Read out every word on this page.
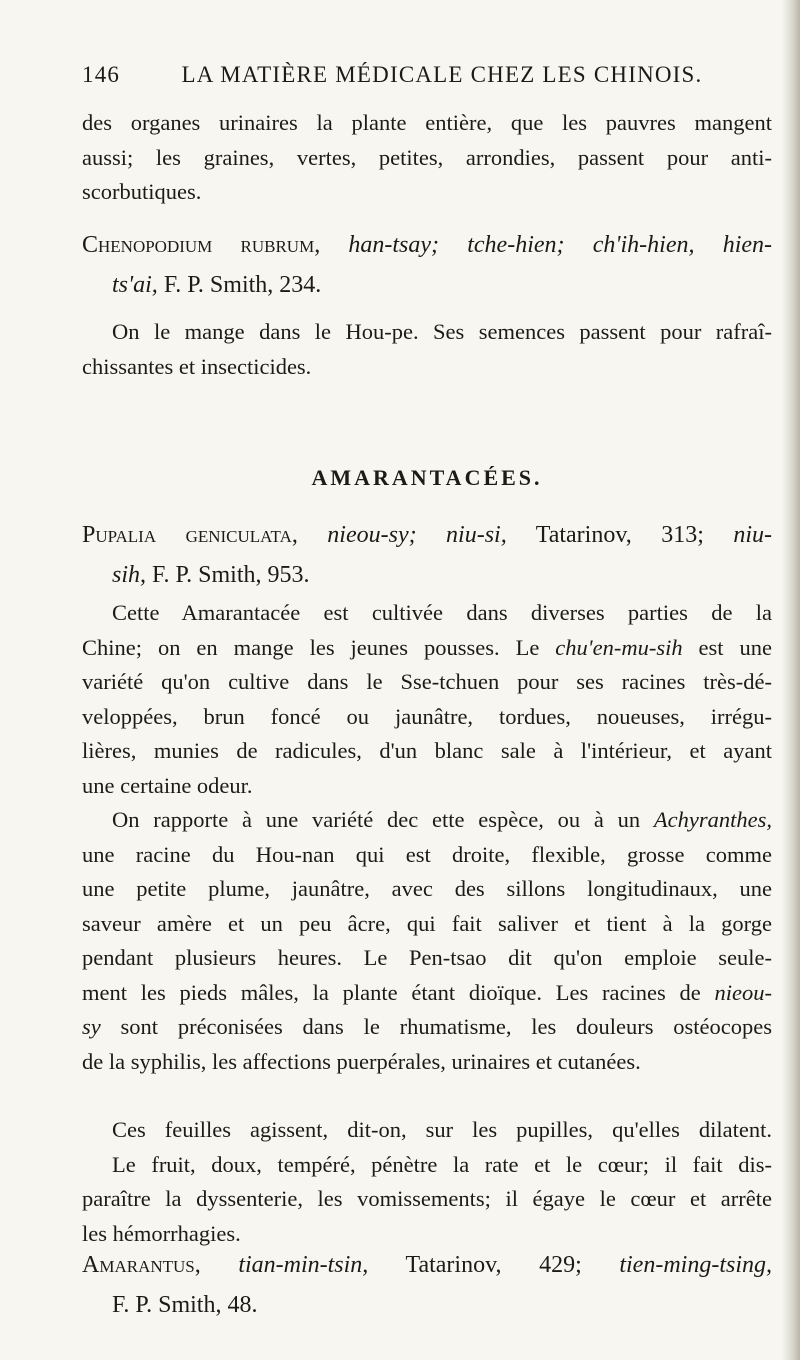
146	LA MATIÈRE MÉDICALE CHEZ LES CHINOIS.
des organes urinaires la plante entière, que les pauvres mangent
aussi; les graines, vertes, petites, arrondies, passent pour anti-
scorbutiques.
Chenopodium rubrum, han-tsay; tche-hien; ch'ih-hien, hien-
ts'ai, F. P. Smith, 234.
On le mange dans le Hou-pe. Ses semences passent pour rafraî-
chissantes et insecticides.
AMARANTACÉES.
Pupalia geniculata, nieou-sy; niu-si, Tatarinov, 313; niu-
sih, F. P. Smith, 953.
Cette Amarantacée est cultivée dans diverses parties de la
Chine; on en mange les jeunes pousses. Le chu'en-mu-sih est une
variété qu'on cultive dans le Sse-tchuen pour ses racines très-dé-
veloppées, brun foncé ou jaunâtre, tordues, noueuses, irrégu-
lières, munies de radicules, d'un blanc sale à l'intérieur, et ayant
une certaine odeur.
On rapporte à une variété dec ette espèce, ou à un Achyranthes,
une racine du Hou-nan qui est droite, flexible, grosse comme
une petite plume, jaunâtre, avec des sillons longitudinaux, une
saveur amère et un peu âcre, qui fait saliver et tient à la gorge
pendant plusieurs heures. Le Pen-tsao dit qu'on emploie seule-
ment les pieds mâles, la plante étant dioïque. Les racines de nieou-
sy sont préconisées dans le rhumatisme, les douleurs ostéocopes
de la syphilis, les affections puerpérales, urinaires et cutanées.
Ces feuilles agissent, dit-on, sur les pupilles, qu'elles dilatent.
Le fruit, doux, tempéré, pénètre la rate et le cœur; il fait dis-
paraître la dyssenterie, les vomissements; il égaye le cœur et arrête
les hémorrhagies.
Amarantus, tian-min-tsin, Tatarinov, 429; tien-ming-tsing,
F. P. Smith, 48.
